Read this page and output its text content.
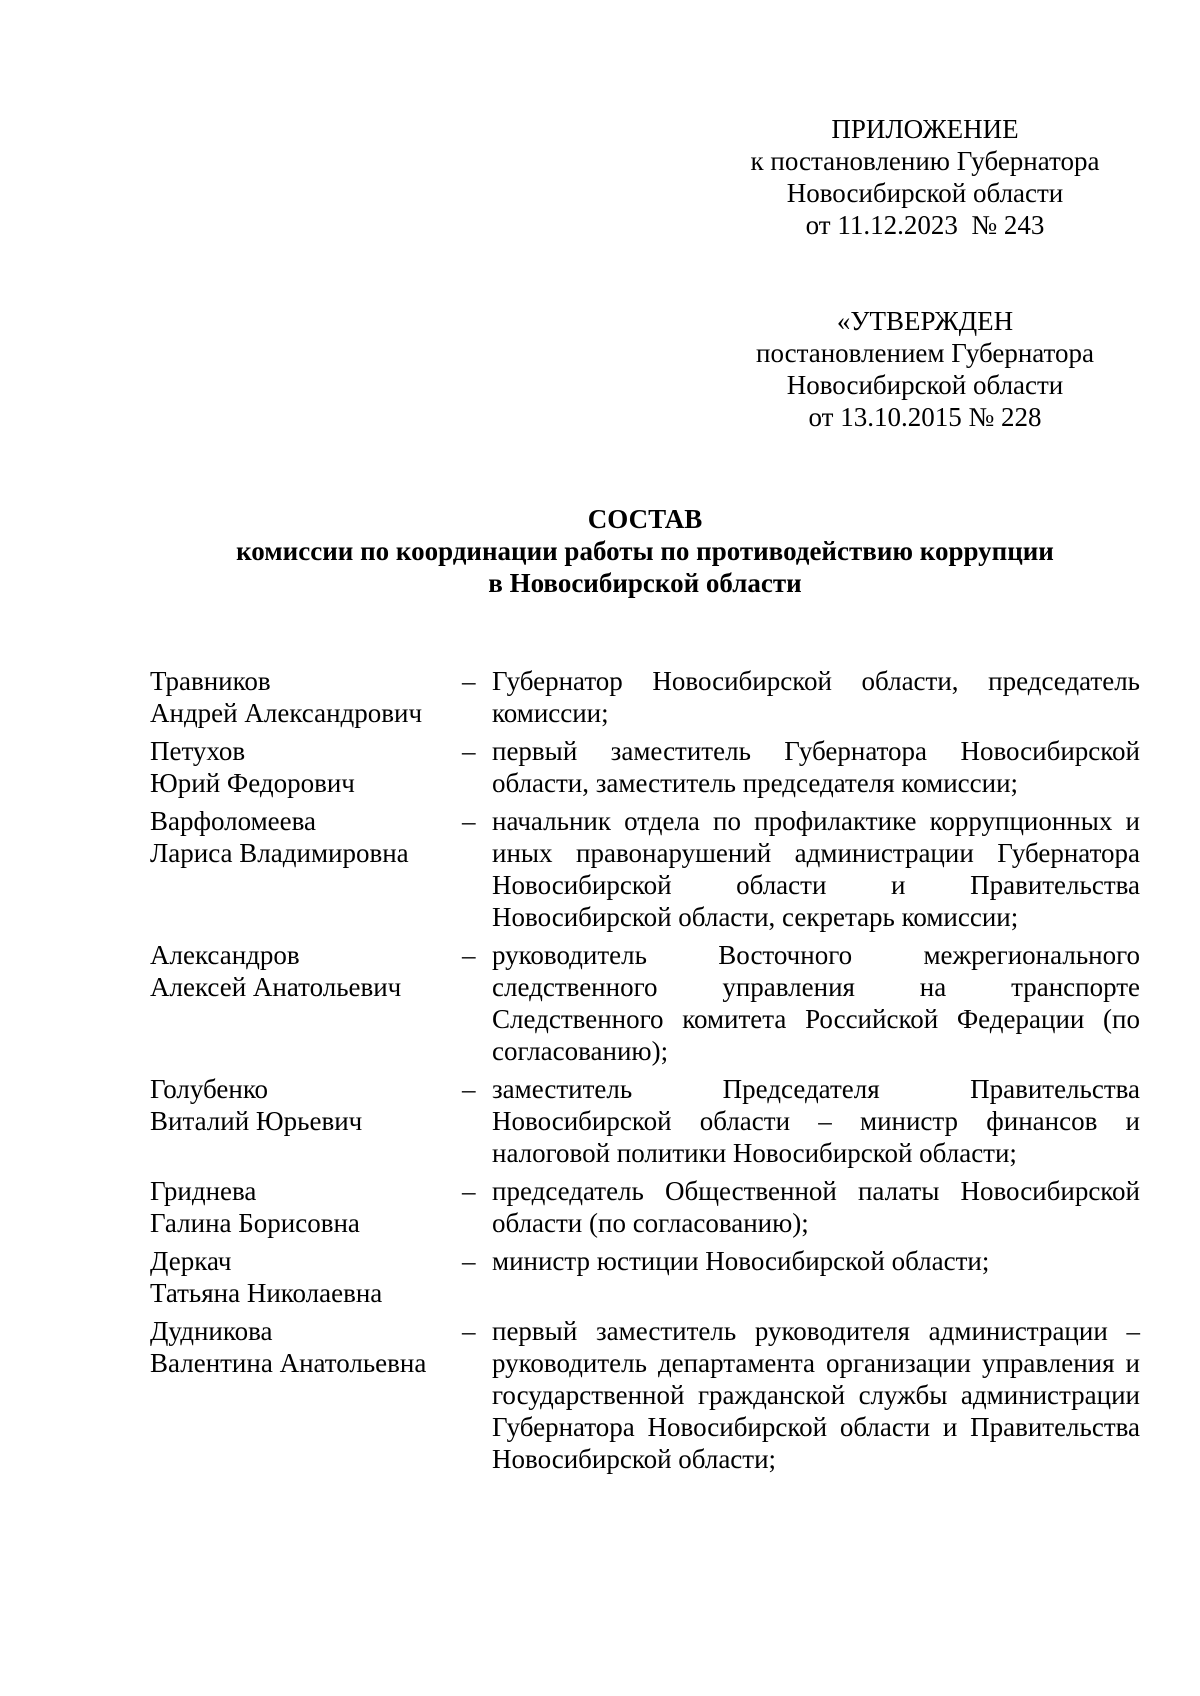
ПРИЛОЖЕНИЕ
к постановлению Губернатора
Новосибирской области
от 11.12.2023  № 243
«УТВЕРЖДЕН
постановлением Губернатора
Новосибирской области
от 13.10.2015 № 228
СОСТАВ
комиссии по координации работы по противодействию коррупции
в Новосибирской области
Травников
Андрей Александрович
– Губернатор Новосибирской области, председатель комиссии;
Петухов
Юрий Федорович
– первый заместитель Губернатора Новосибирской области, заместитель председателя комиссии;
Варфоломеева
Лариса Владимировна
– начальник отдела по профилактике коррупционных и иных правонарушений администрации Губернатора Новосибирской области и Правительства Новосибирской области, секретарь комиссии;
Александров
Алексей Анатольевич
– руководитель Восточного межрегионального следственного управления на транспорте Следственного комитета Российской Федерации (по согласованию);
Голубенко
Виталий Юрьевич
– заместитель Председателя Правительства Новосибирской области – министр финансов и налоговой политики Новосибирской области;
Гриднева
Галина Борисовна
– председатель Общественной палаты Новосибирской области (по согласованию);
Деркач
Татьяна Николаевна
– министр юстиции Новосибирской области;
Дудникова
Валентина Анатольевна
– первый заместитель руководителя администрации – руководитель департамента организации управления и государственной гражданской службы администрации Губернатора Новосибирской области и Правительства Новосибирской области;
